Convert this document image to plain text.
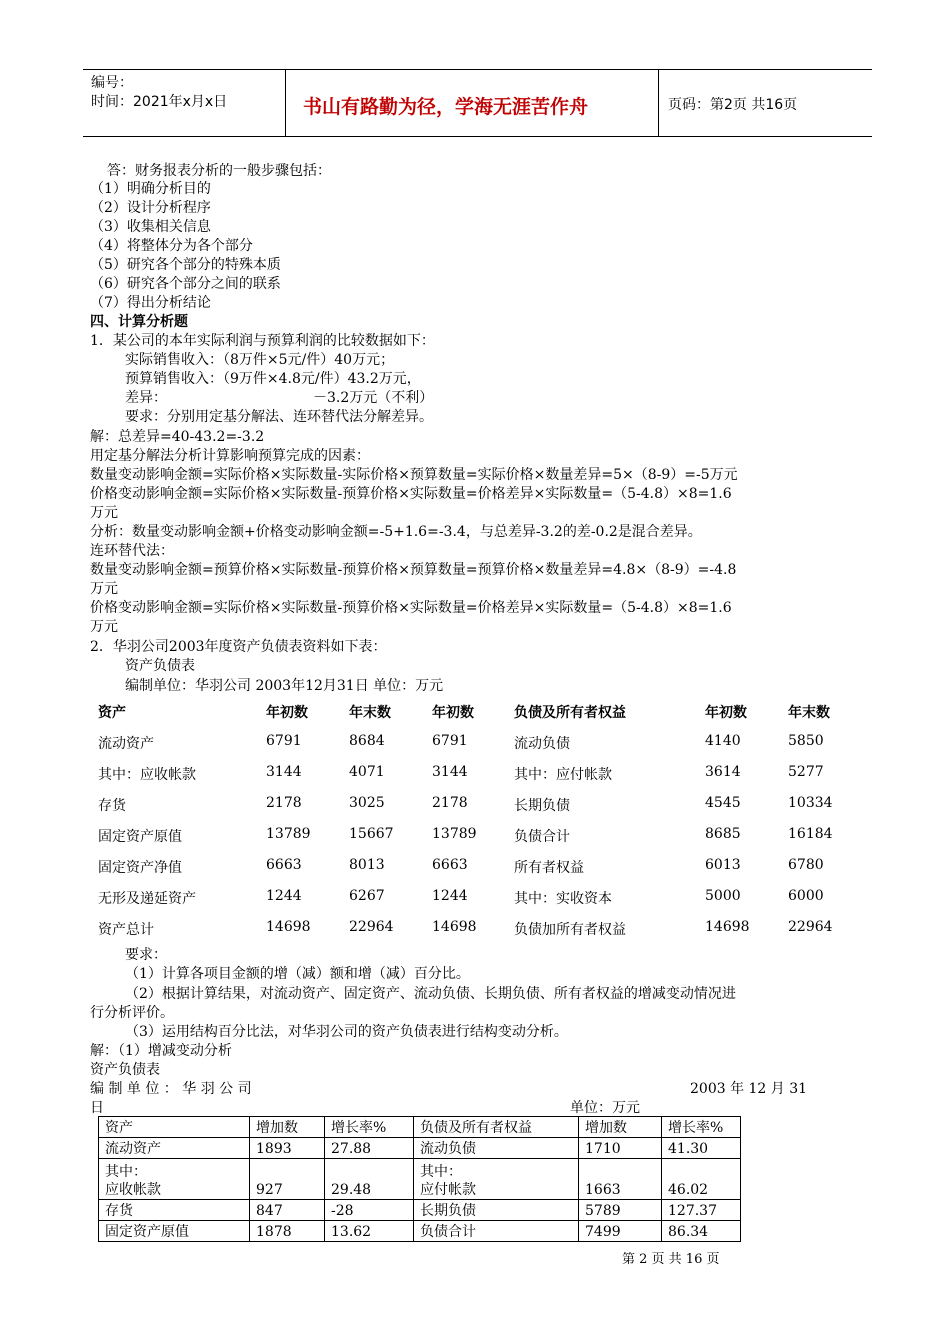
编号：
时间：2021年x月x日	书山有路勤为径，学海无涯苦作舟	页码：第2页 共16页
答：财务报表分析的一般步骤包括：
（1）明确分析目的
（2）设计分析程序
（3）收集相关信息
（4）将整体分为各个部分
（5）研究各个部分的特殊本质
（6）研究各个部分之间的联系
（7）得出分析结论
四、计算分析题
1．某公司的本年实际利润与预算利润的比较数据如下：
实际销售收入：（8万件×5元/件）40万元；
预算销售收入：（9万件×4.8元/件）43.2万元，
差异：	－3.2万元（不利）
要求：分别用定基分解法、连环替代法分解差异。
解：总差异=40-43.2=-3.2
用定基分解法分析计算影响预算完成的因素：
数量变动影响金额=实际价格×实际数量-实际价格×预算数量=实际价格×数量差异=5×（8-9）=-5万元
价格变动影响金额=实际价格×实际数量-预算价格×实际数量=价格差异×实际数量=（5-4.8）×8=1.6
万元
分析：数量变动影响金额+价格变动影响金额=-5+1.6=-3.4，与总差异-3.2的差-0.2是混合差异。
连环替代法：
数量变动影响金额=预算价格×实际数量-预算价格×预算数量=预算价格×数量差异=4.8×（8-9）=-4.8
万元
价格变动影响金额=实际价格×实际数量-预算价格×实际数量=价格差异×实际数量=（5-4.8）×8=1.6
万元
2．华羽公司2003年度资产负债表资料如下表：
资产负债表
编制单位：华羽公司 2003年12月31日 单位：万元
资产	年初数	年末数	年初数	负债及所有者权益	年初数	年末数
流动资产	6791	8684	6791	流动负债	4140	5850
其中：应收帐款	3144	4071	3144	其中：应付帐款	3614	5277
存货	2178	3025	2178	长期负债	4545	10334
固定资产原值	13789	15667	13789	负债合计	8685	16184
固定资产净值	6663	8013	6663	所有者权益	6013	6780
无形及递延资产	1244	6267	1244	其中：实收资本	5000	6000
资产总计	14698	22964	14698	负债加所有者权益	14698	22964
要求：
（1）计算各项目金额的增（减）额和增（减）百分比。
（2）根据计算结果，对流动资产、固定资产、流动负债、长期负债、所有者权益的增减变动情况进
行分析评价。
（3）运用结构百分比法，对华羽公司的资产负债表进行结构变动分析。
解：（1）增减变动分析
资产负债表
编 制 单 位 ： 华 羽 公 司	2003 年 12 月 31
日	单位：万元
资产	增加数	增长率%	负债及所有者权益	增加数	增长率%
流动资产	1893	27.88	流动负债	1710	41.30
其中：
应收帐款	927	29.48	其中：
应付帐款	1663	46.02
存货	847	-28	长期负债	5789	127.37
固定资产原值	1878	13.62	负债合计	7499	86.34
第 2 页 共 16 页
